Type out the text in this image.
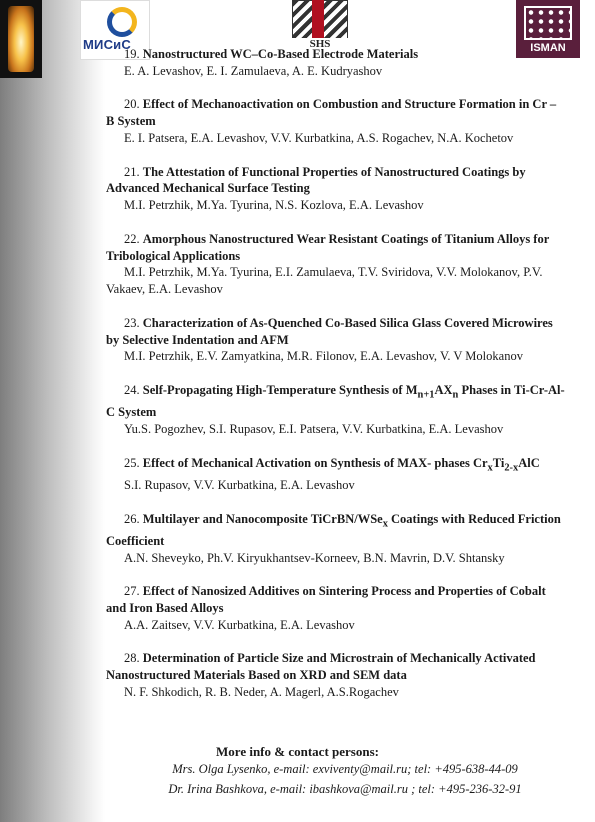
МИСиС	SHS	ISMAN
19. Nanostructured WC–Co-Based Electrode Materials
E. A. Levashov, E. I. Zamulaeva, A. E. Kudryashov
20. Effect of Mechanoactivation on Combustion and Structure Formation in Cr – B System
E. I. Patsera, E.A. Levashov, V.V. Kurbatkina, A.S. Rogachev, N.A. Kochetov
21. The Attestation of Functional Properties of Nanostructured Coatings by Advanced Mechanical Surface Testing
M.I. Petrzhik, M.Ya. Tyurina, N.S. Kozlova, E.A. Levashov
22. Amorphous Nanostructured Wear Resistant Coatings of Titanium Alloys for Tribological Applications
M.I. Petrzhik, M.Ya. Tyurina, E.I. Zamulaeva, T.V. Sviridova, V.V. Molokanov, P.V. Vakaev, E.A. Levashov
23. Characterization of As-Quenched Co-Based Silica Glass Covered Microwires by Selective Indentation and AFM
M.I. Petrzhik, E.V. Zamyatkina, M.R. Filonov, E.A. Levashov, V. V Molokanov
24. Self-Propagating High-Temperature Synthesis of $M_{n+1}AX_n$ Phases in Ti-Cr-Al-C System
Yu.S. Pogozhev, S.I. Rupasov, E.I. Patsera, V.V. Kurbatkina, E.A. Levashov
25. Effect of Mechanical Activation on Synthesis of MAX- phases $Cr_xTi_{2-x}AlC$
S.I. Rupasov, V.V. Kurbatkina, E.A. Levashov
26. Multilayer and Nanocomposite TiCrBN/WSe$_x$ Coatings with Reduced Friction Coefficient
A.N. Sheveyko, Ph.V. Kiryukhantsev-Korneev, B.N. Mavrin, D.V. Shtansky
27. Effect of Nanosized Additives on Sintering Process and Properties of Cobalt and Iron Based Alloys
A.A. Zaitsev, V.V. Kurbatkina, E.A. Levashov
28. Determination of Particle Size and Microstrain of Mechanically Activated Nanostructured Materials Based on XRD and SEM data
N. F. Shkodich, R. B. Neder, A. Magerl, A.S.Rogachev
More info & contact persons:
Mrs. Olga Lysenko, e-mail: exviventy@mail.ru; tel: +495-638-44-09
Dr. Irina Bashkova, e-mail: ibashkova@mail.ru ; tel: +495-236-32-91
